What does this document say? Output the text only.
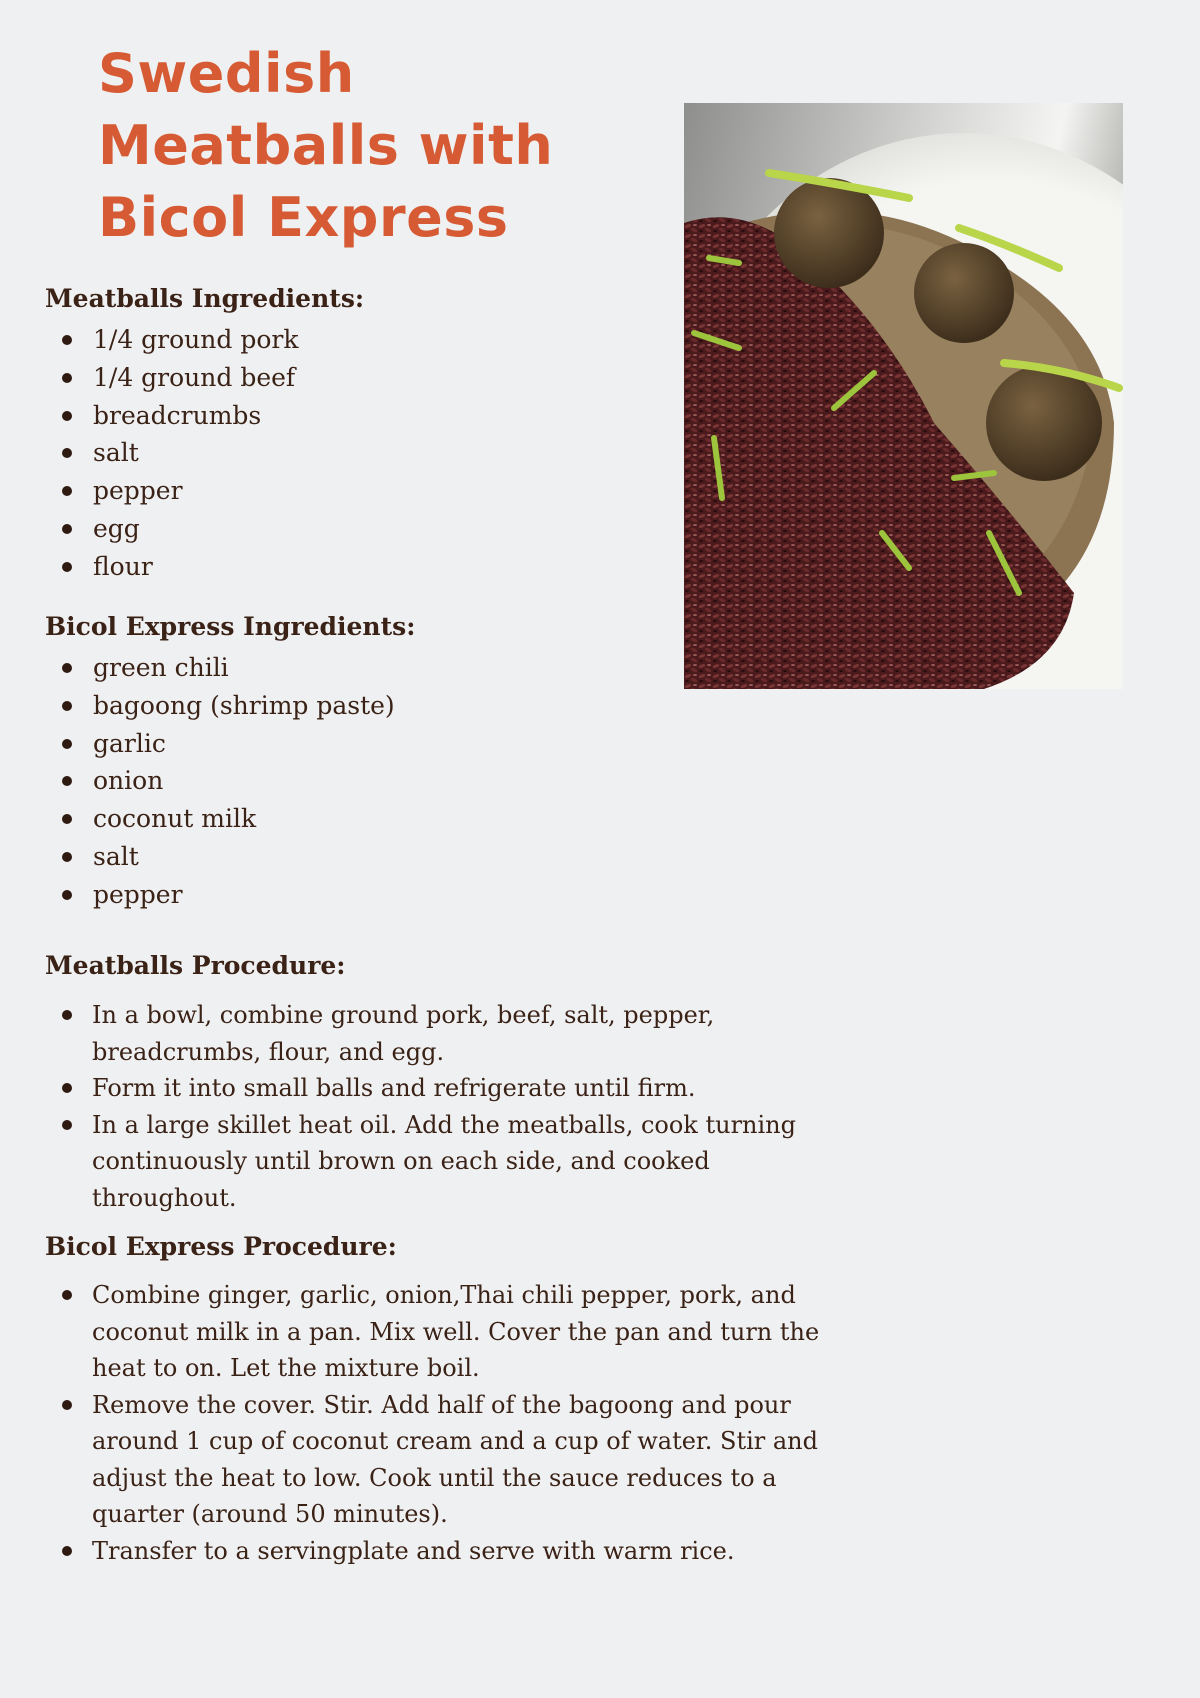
Swedish
Meatballs with
Bicol Express
Meatballs Ingredients:
1/4 ground pork
1/4 ground beef
breadcrumbs
salt
pepper
egg
flour
Bicol Express Ingredients:
green chili
bagoong (shrimp paste)
garlic
onion
coconut milk
salt
pepper
Meatballs Procedure:
In a bowl, combine ground pork, beef, salt, pepper, breadcrumbs, flour, and egg.
Form it into small balls and refrigerate until firm.
In a large skillet heat oil. Add the meatballs, cook turning continuously until brown on each side, and cooked throughout.
Bicol Express Procedure:
Combine ginger, garlic, onion,Thai chili pepper, pork, and coconut milk in a pan. Mix well. Cover the pan and turn the heat to on. Let the mixture boil.
Remove the cover. Stir. Add half of the bagoong and pour around 1 cup of coconut cream and a cup of water. Stir and adjust the heat to low. Cook until the sauce reduces to a quarter (around 50 minutes).
Transfer to a servingplate and serve with warm rice.
